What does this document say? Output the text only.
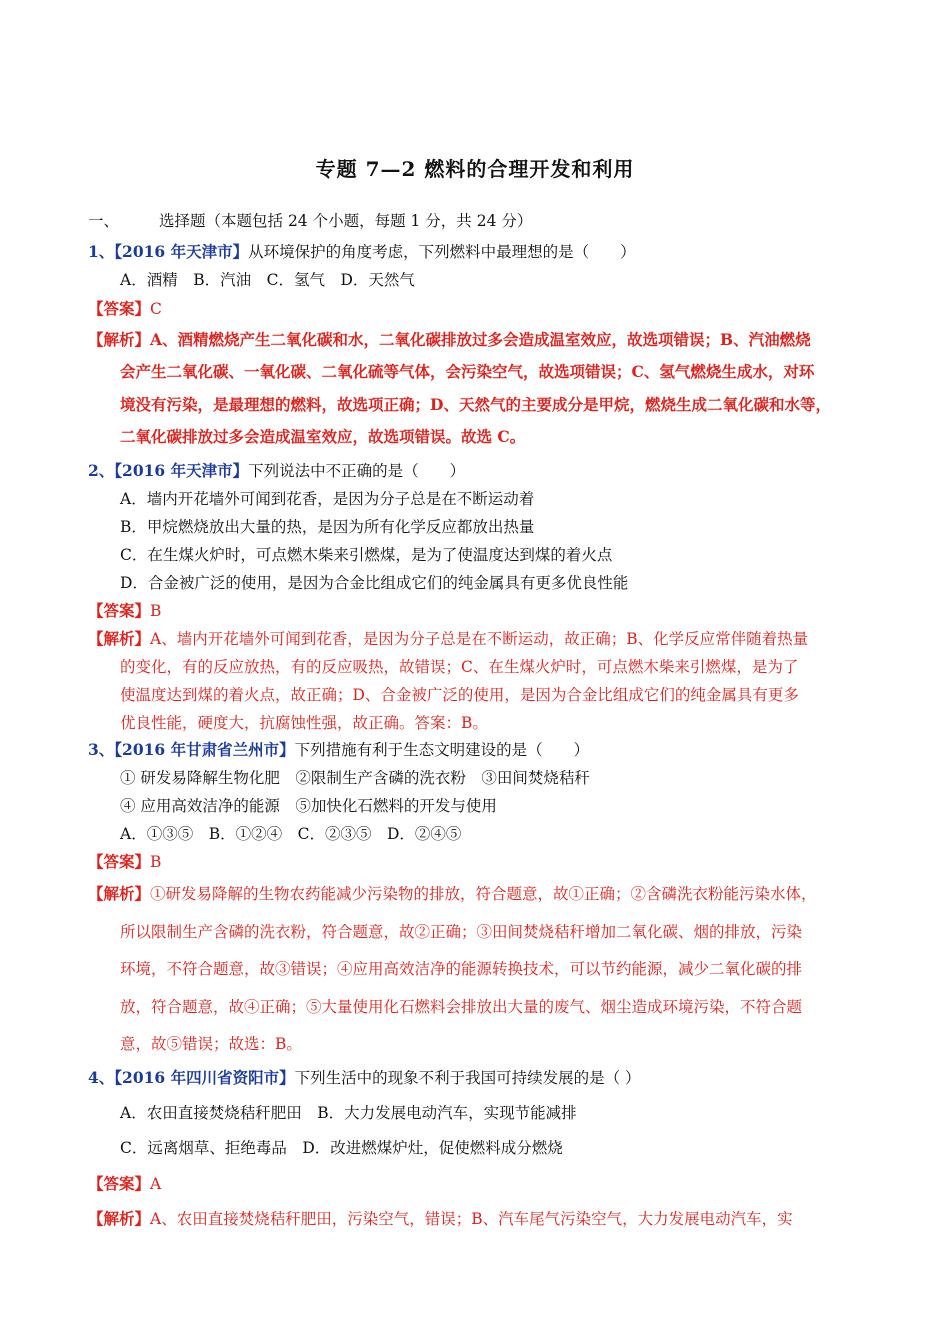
专题 7—2 燃料的合理开发和利用
一、	选择题（本题包括 24 个小题，每题 1 分，共 24 分）
1、【2016 年天津市】从环境保护的角度考虑，下列燃料中最理想的是（　　）
A．酒精　B．汽油　C．氢气　D．天然气
【答案】C
【解析】A、酒精燃烧产生二氧化碳和水，二氧化碳排放过多会造成温室效应，故选项错误；B、汽油燃烧
会产生二氧化碳、一氧化碳、二氧化硫等气体，会污染空气，故选项错误；C、氢气燃烧生成水，对环
境没有污染，是最理想的燃料，故选项正确；D、天然气的主要成分是甲烷，燃烧生成二氧化碳和水等，
二氧化碳排放过多会造成温室效应，故选项错误。故选 C。
2、【2016 年天津市】下列说法中不正确的是（　　）
A．墙内开花墙外可闻到花香，是因为分子总是在不断运动着
B．甲烷燃烧放出大量的热，是因为所有化学反应都放出热量
C．在生煤火炉时，可点燃木柴来引燃煤，是为了使温度达到煤的着火点
D．合金被广泛的使用，是因为合金比组成它们的纯金属具有更多优良性能
【答案】B
【解析】A、墙内开花墙外可闻到花香，是因为分子总是在不断运动，故正确；B、化学反应常伴随着热量
的变化，有的反应放热，有的反应吸热，故错误；C、在生煤火炉时，可点燃木柴来引燃煤，是为了
使温度达到煤的着火点，故正确；D、合金被广泛的使用，是因为合金比组成它们的纯金属具有更多
优良性能，硬度大，抗腐蚀性强，故正确。答案：B。
3、【2016 年甘肃省兰州市】下列措施有利于生态文明建设的是（　　）
① 研发易降解生物化肥　②限制生产含磷的洗衣粉　③田间焚烧秸秆
④ 应用高效洁净的能源　⑤加快化石燃料的开发与使用
A．①③⑤　B．①②④　C．②③⑤　D．②④⑤
【答案】B
【解析】①研发易降解的生物农药能减少污染物的排放，符合题意，故①正确；②含磷洗衣粉能污染水体，
所以限制生产含磷的洗衣粉，符合题意，故②正确；③田间焚烧秸秆增加二氧化碳、烟的排放，污染
环境，不符合题意，故③错误；④应用高效洁净的能源转换技术，可以节约能源，减少二氧化碳的排
放，符合题意，故④正确；⑤大量使用化石燃料会排放出大量的废气、烟尘造成环境污染，不符合题
意，故⑤错误；故选：B。
4、【2016 年四川省资阳市】下列生活中的现象不利于我国可持续发展的是（ ）
A．农田直接焚烧秸秆肥田　B．大力发展电动汽车，实现节能减排
C．远离烟草、拒绝毒品　D．改进燃煤炉灶，促使燃料成分燃烧
【答案】A
【解析】A、农田直接焚烧秸秆肥田，污染空气，错误；B、汽车尾气污染空气，大力发展电动汽车，实
